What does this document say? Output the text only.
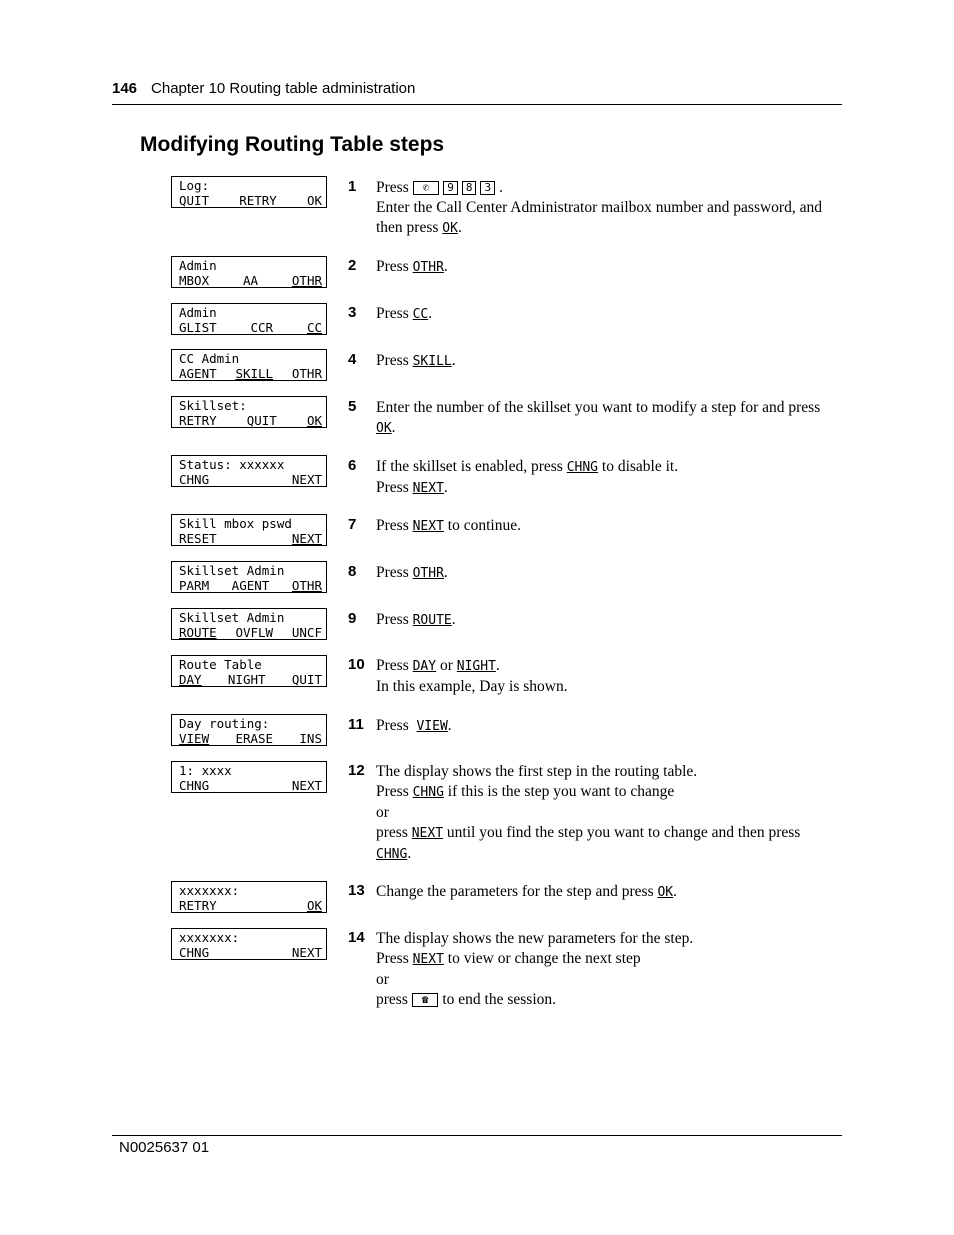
146 Chapter 10 Routing table administration
Modifying Routing Table steps
Log:
QUIT RETRY OK
1 Press ✆ 9 8 3 .
Enter the Call Center Administrator mailbox number and password, and then press OK.
Admin
MBOX	AA	OTHR
2 Press OTHR.
Admin
GLIST	CCR	CC
3 Press CC.
CC Admin
AGENT SKILL OTHR
4 Press SKILL.
Skillset:
RETRY QUIT OK
5 Enter the number of the skillset you want to modify a step for and press OK.
Status: xxxxxx
CHNG	NEXT
6 If the skillset is enabled, press CHNG to disable it.
Press NEXT.
Skill mbox pswd
RESET	NEXT
7 Press NEXT to continue.
Skillset Admin
PARM AGENT OTHR
8 Press OTHR.
Skillset Admin
ROUTE OVFLW UNCF
9 Press ROUTE.
Route Table
DAY NIGHT QUIT
10 Press DAY or NIGHT.
In this example, Day is shown.
Day routing:
VIEW ERASE INS
11 Press VIEW.
1: xxxx
CHNG	NEXT
12 The display shows the first step in the routing table.
Press CHNG if this is the step you want to change
or
press NEXT until you find the step you want to change and then press CHNG.
xxxxxxx:
RETRY	OK
13 Change the parameters for the step and press OK.
xxxxxxx:
CHNG	NEXT
14 The display shows the new parameters for the step.
Press NEXT to view or change the next step
or
press ☎ to end the session.
N0025637 01
